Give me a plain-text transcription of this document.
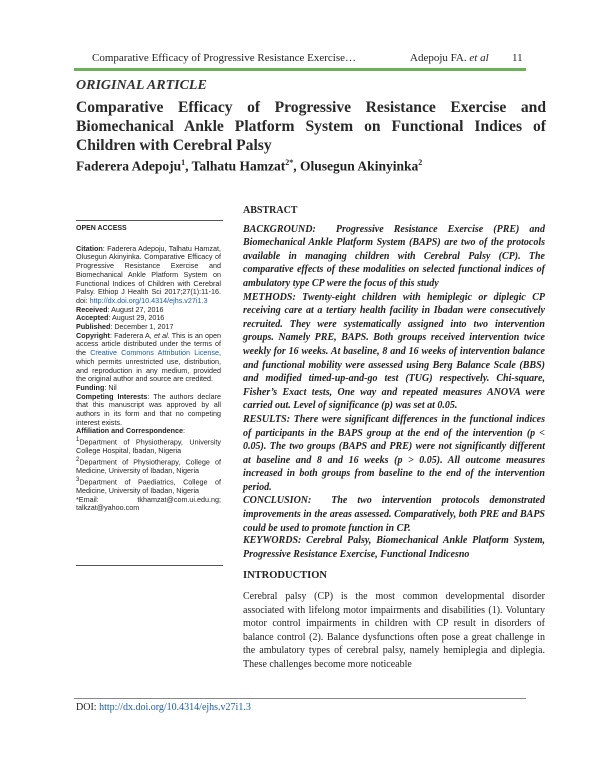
Comparative Efficacy of Progressive Resistance Exercise…	Adepoju FA. et al 11
ORIGINAL ARTICLE
Comparative Efficacy of Progressive Resistance Exercise and Biomechanical Ankle Platform System on Functional Indices of Children with Cerebral Palsy
Faderera Adepoju$^1$, Talhatu Hamzat$^{2*}$, Olusegun Akinyinka$^2$
OPEN ACCESS

Citation: Faderera Adepoju, Talhatu Hamzat, Olusegun Akinyinka. Comparative Efficacy of Progressive Resistance Exercise and Biomechanical Ankle Platform System on Functional Indices of Children with Cerebral Palsy. Ethiop J Health Sci 2017;27(1):11-16. doi: http://dx.doi.org/10.4314/ejhs.v27i1.3

Received: August 27, 2016

Accepted: August 29, 2016

Published: December 1, 2017

Copyright: Faderera A, et al. This is an open access article distributed under the terms of the Creative Commons Attribution License, which permits unrestricted use, distribution, and reproduction in any medium, provided the original author and source are credited.

Funding: Nil

Competing Interests: The authors declare that this manuscript was approved by all authors in its form and that no competing interest exists.

Affiliation and Correspondence:

$^1$Department of Physiotherapy, University College Hospital, Ibadan, Nigeria

$^2$Department of Physiotherapy, College of Medicine, University of Ibadan, Nigeria

$^3$Department of Paediatrics, College of Medicine, University of Ibadan, Nigeria

*Email:	tkhamzat@com.ui.edu.ng; talkzat@yahoo.com

ABSTRACT

BACKGROUND: Progressive Resistance Exercise (PRE) and Biomechanical Ankle Platform System (BAPS) are two of the protocols available in managing children with Cerebral Palsy (CP). The comparative effects of these modalities on selected functional indices of ambulatory type CP were the focus of this study

METHODS: Twenty-eight children with hemiplegic or diplegic CP receiving care at a tertiary health facility in Ibadan were consecutively recruited. They were systematically assigned into two intervention groups. Namely PRE, BAPS. Both groups received intervention twice weekly for 16 weeks. At baseline, 8 and 16 weeks of intervention balance and functional mobility were assessed using Berg Balance Scale (BBS) and modified timed-up-and-go test (TUG) respectively. Chi-square, Fisher’s Exact tests, One way and repeated measures ANOVA were carried out. Level of significance (p) was set at 0.05.

RESULTS: There were significant differences in the functional indices of participants in the BAPS group at the end of the intervention (p < 0.05). The two groups (BAPS and PRE) were not significantly different at baseline and 8 and 16 weeks (p > 0.05). All outcome measures increased in both groups from baseline to the end of the intervention period.

CONCLUSION: The two intervention protocols demonstrated improvements in the areas assessed. Comparatively, both PRE and BAPS could be used to promote function in CP.

KEYWORDS: Cerebral Palsy, Biomechanical Ankle Platform System, Progressive Resistance Exercise, Functional Indicesno
INTRODUCTION

Cerebral palsy (CP) is the most common developmental disorder associated with lifelong motor impairments and disabilities (1). Voluntary motor control impairments in children with CP result in disorders of balance control (2). Balance dysfunctions often pose a great challenge in the ambulatory types of cerebral palsy, namely hemiplegia and diplegia. These challenges become more noticeable

DOI: http://dx.doi.org/10.4314/ejhs.v27i1.3
